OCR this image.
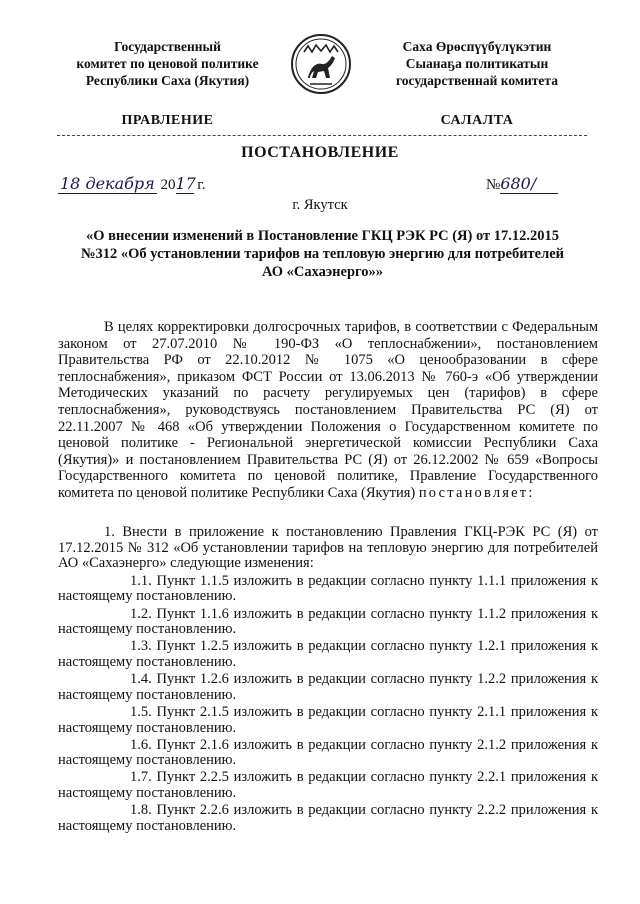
Государственный
комитет по ценовой политике
Республики Саха (Якутия)
Саха Өрөспүүбүлүкэтин
Сыанаҕа политикатын
государственнай комитета
ПРАВЛЕНИЕ	САЛАЛТА
ПОСТАНОВЛЕНИЕ
18 декабря 2017 г.	№680/
г. Якутск
«О внесении изменений в Постановление ГКЦ РЭК РС (Я) от 17.12.2015
№312 «Об установлении тарифов на тепловую энергию для потребителей
АО «Сахаэнерго»»

В целях корректировки долгосрочных тарифов, в соответствии с Федеральным законом от 27.07.2010 № 190-ФЗ «О теплоснабжении», постановлением Правительства РФ от 22.10.2012 № 1075 «О ценообразовании в сфере теплоснабжения», приказом ФСТ России от 13.06.2013 № 760-э «Об утверждении Методических указаний по расчету регулируемых цен (тарифов) в сфере теплоснабжения», руководствуясь постановлением Правительства РС (Я) от 22.11.2007 № 468 «Об утверждении Положения о Государственном комитете по ценовой политике - Региональной энергетической комиссии Республики Саха (Якутия)» и постановлением Правительства РС (Я) от 26.12.2002 № 659 «Вопросы Государственного комитета по ценовой политике, Правление Государственного комитета по ценовой политике Республики Саха (Якутия) постановляет:

1. Внести в приложение к постановлению Правления ГКЦ-РЭК РС (Я) от 17.12.2015 № 312 «Об установлении тарифов на тепловую энергию для потребителей АО «Сахаэнерго» следующие изменения:

1.1. Пункт 1.1.5 изложить в редакции согласно пункту 1.1.1 приложения к настоящему постановлению.

1.2. Пункт 1.1.6 изложить в редакции согласно пункту 1.1.2 приложения к настоящему постановлению.

1.3. Пункт 1.2.5 изложить в редакции согласно пункту 1.2.1 приложения к настоящему постановлению.

1.4. Пункт 1.2.6 изложить в редакции согласно пункту 1.2.2 приложения к настоящему постановлению.

1.5. Пункт 2.1.5 изложить в редакции согласно пункту 2.1.1 приложения к настоящему постановлению.

1.6. Пункт 2.1.6 изложить в редакции согласно пункту 2.1.2 приложения к настоящему постановлению.

1.7. Пункт 2.2.5 изложить в редакции согласно пункту 2.2.1 приложения к настоящему постановлению.

1.8. Пункт 2.2.6 изложить в редакции согласно пункту 2.2.2 приложения к настоящему постановлению.
